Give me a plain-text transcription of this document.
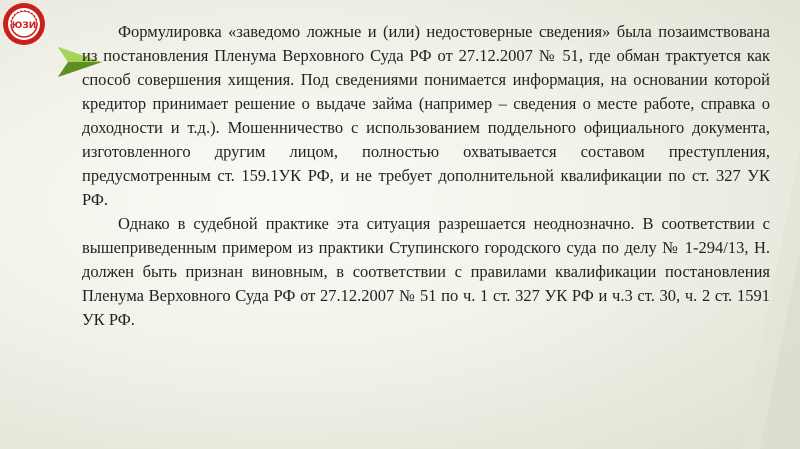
ЮЗИ	Формулировка «заведомо ложные и (или) недостоверные сведения» была позаимствована из постановления Пленума Верховного Суда РФ от 27.12.2007 № 51, где обман трактуется как способ совершения хищения. Под сведениями понимается информация, на основании которой кредитор принимает решение о выдаче займа (например – сведения о месте работе, справка о доходности и т.д.). Мошенничество с использованием поддельного официального документа, изготовленного другим лицом, полностью охватывается составом преступления, предусмотренным ст. 159.1УК РФ, и не требует дополнительной квалификации по ст. 327 УК РФ.

Однако в судебной практике эта ситуация разрешается неоднозначно. В соответствии с вышеприведенным примером из практики Ступинского городского суда по делу № 1-294/13, Н. должен быть признан виновным, в соответствии с правилами квалификации постановления Пленума Верховного Суда РФ от 27.12.2007 № 51 по ч. 1 ст. 327 УК РФ и ч.3 ст. 30, ч. 2 ст. 1591 УК РФ.
